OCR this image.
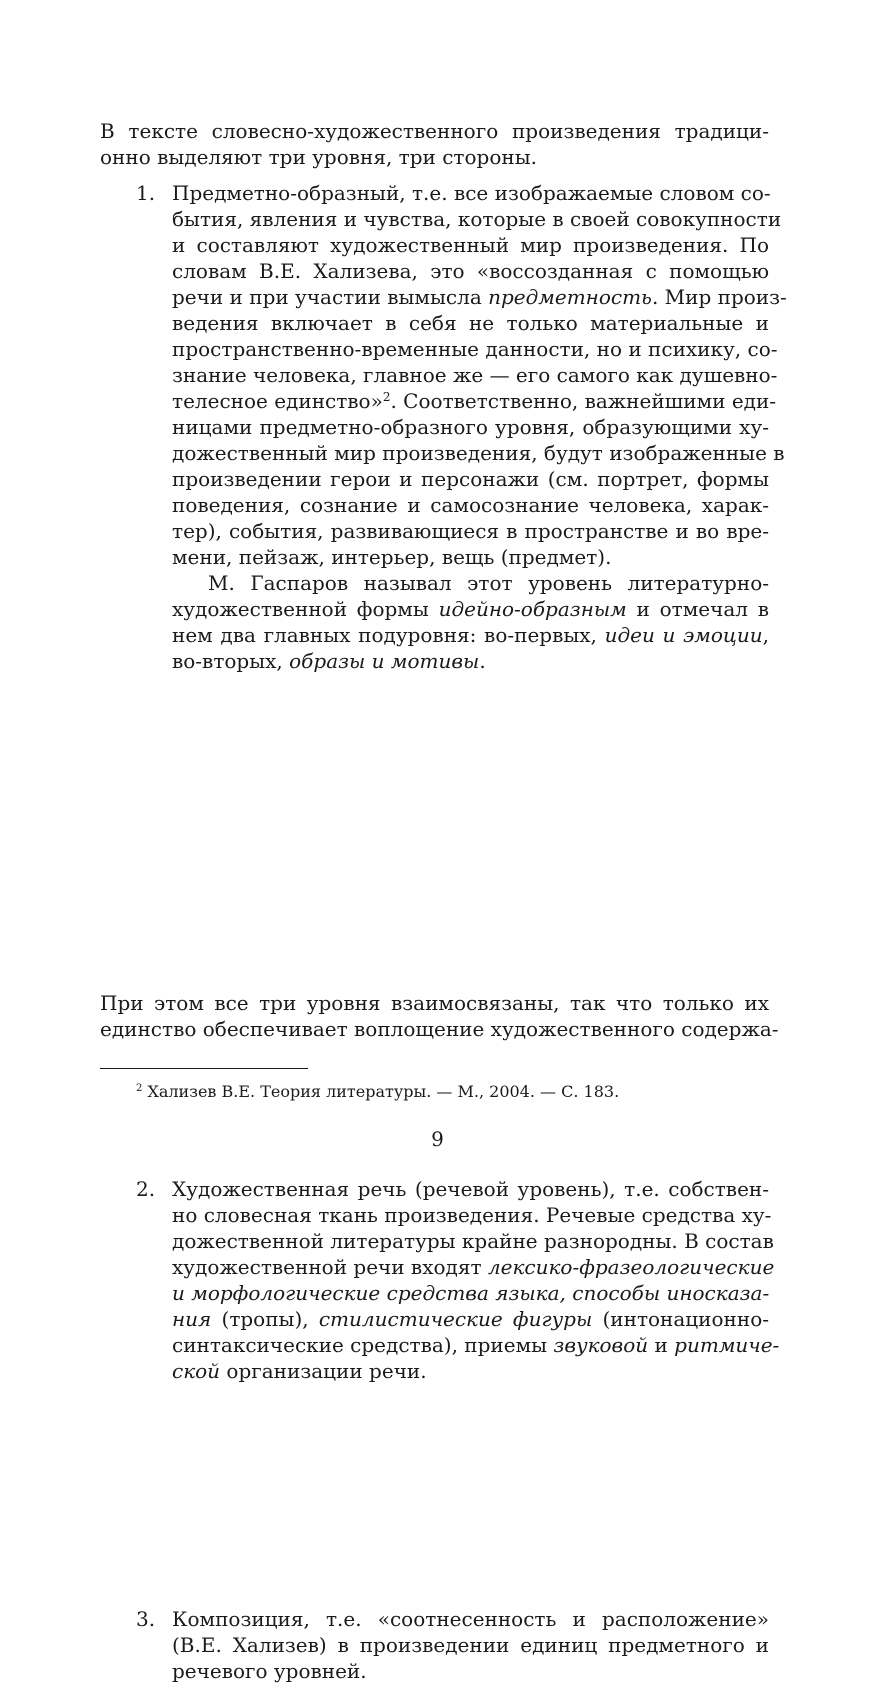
В тексте словесно-художественного произведения традици-
онно выделяют три уровня, три стороны.
1. Предметно-образный, т.е. все изображаемые словом со-
бытия, явления и чувства, которые в своей совокупности
и составляют художественный мир произведения. По
словам В.Е. Хализева, это «воссозданная с помощью
речи и при участии вымысла предметность. Мир произ-
ведения включает в себя не только материальные и
пространственно-временные данности, но и психику, со-
знание человека, главное же — его самого как душевно-
телесное единство»$^2$. Соответственно, важнейшими еди-
ницами предметно-образного уровня, образующими ху-
дожественный мир произведения, будут изображенные в
произведении герои и персонажи (см. портрет, формы
поведения, сознание и самосознание человека, харак-
тер), события, развивающиеся в пространстве и во вре-
мени, пейзаж, интерьер, вещь (предмет).
М. Гаспаров называл этот уровень литературно-
художественной формы идейно-образным и отмечал в
нем два главных подуровня: во-первых, идеи и эмоции,
во-вторых, образы и мотивы.
2. Художественная речь (речевой уровень), т.е. собствен-
но словесная ткань произведения. Речевые средства ху-
дожественной литературы крайне разнородны. В состав
художественной речи входят лексико-фразеологические
и морфологические средства языка, способы иносказа-
ния (тропы), стилистические фигуры (интонационно-
синтаксические средства), приемы звуковой и ритмиче-
ской организации речи.
3. Композиция, т.е. «соотнесенность и расположение»
(В.Е. Хализев) в произведении единиц предметного и
речевого уровней.
При этом все три уровня взаимосвязаны, так что только их
единство обеспечивает воплощение художественного содержа-
$^2$ Хализев В.Е. Теория литературы. — М., 2004. — С. 183.
9
